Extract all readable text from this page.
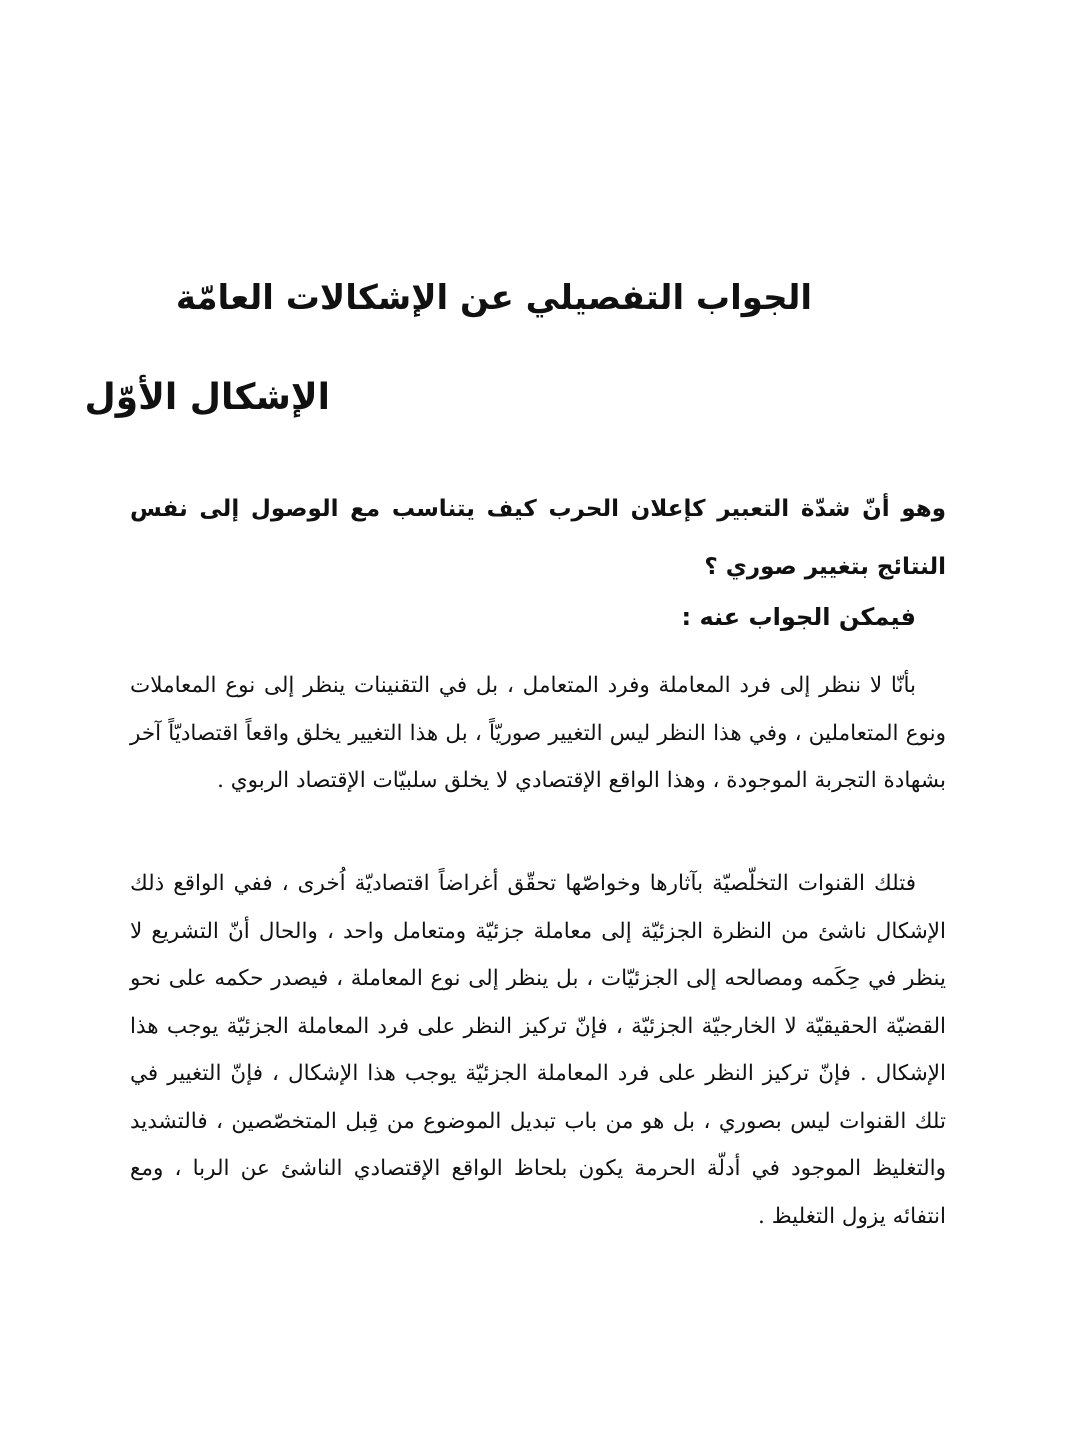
الجواب التفصيلي عن الإشكالات العامّة
الإشكال الأوّل

وهو أنّ شدّة التعبير كإعلان الحرب كيف يتناسب مع الوصول إلى نفس النتائج بتغيير صوري ؟

فيمكن الجواب عنه :

بأنّا لا ننظر إلى فرد المعاملة وفرد المتعامل ، بل في التقنينات ينظر إلى نوع المعاملات ونوع المتعاملين ، وفي هذا النظر ليس التغيير صوريّاً ، بل هذا التغيير يخلق واقعاً اقتصاديّاً آخر بشهادة التجربة الموجودة ، وهذا الواقع الإقتصادي لا يخلق سلبيّات الإقتصاد الربوي .

فتلك القنوات التخلّصيّة بآثارها وخواصّها تحقّق أغراضاً اقتصاديّة اُخرى ، ففي الواقع ذلك الإشكال ناشئ من النظرة الجزئيّة إلى معاملة جزئيّة ومتعامل واحد ، والحال أنّ التشريع لا ينظر في حِكَمه ومصالحه إلى الجزئيّات ، بل ينظر إلى نوع المعاملة ، فيصدر حكمه على نحو القضيّة الحقيقيّة لا الخارجيّة الجزئيّة ، فإنّ تركيز النظر على فرد المعاملة الجزئيّة يوجب هذا الإشكال . فإنّ تركيز النظر على فرد المعاملة الجزئيّة يوجب هذا الإشكال ، فإنّ التغيير في تلك القنوات ليس بصوري ، بل هو من باب تبديل الموضوع من قِبل المتخصّصين ، فالتشديد والتغليظ الموجود في أدلّة الحرمة يكون بلحاظ الواقع الإقتصادي الناشئ عن الربا ، ومع انتفائه يزول التغليظ .
